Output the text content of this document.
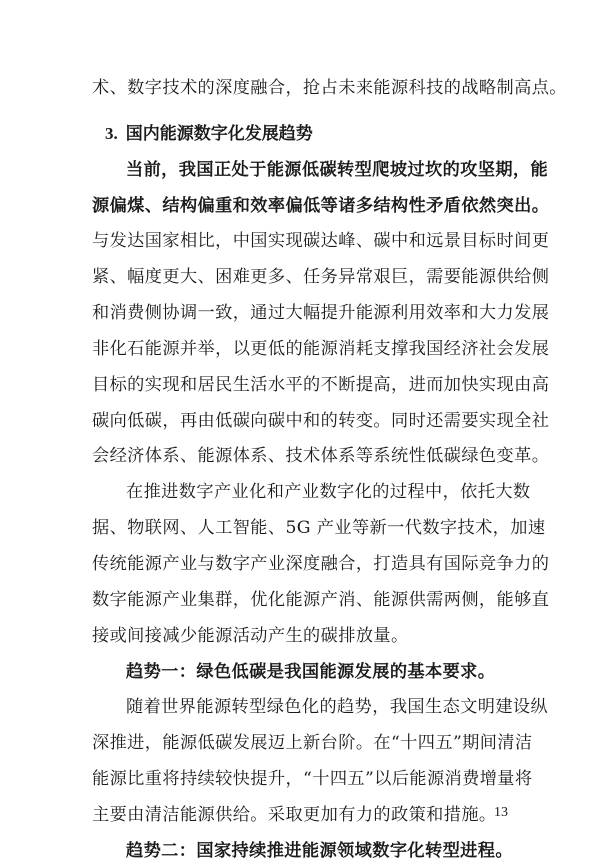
术、数字技术的深度融合，抢占未来能源科技的战略制高点。
3. 国内能源数字化发展趋势
当前，我国正处于能源低碳转型爬坡过坎的攻坚期，能
源偏煤、结构偏重和效率偏低等诸多结构性矛盾依然突出。
与发达国家相比，中国实现碳达峰、碳中和远景目标时间更
紧、幅度更大、困难更多、任务异常艰巨，需要能源供给侧
和消费侧协调一致，通过大幅提升能源利用效率和大力发展
非化石能源并举，以更低的能源消耗支撑我国经济社会发展
目标的实现和居民生活水平的不断提高，进而加快实现由高
碳向低碳，再由低碳向碳中和的转变。同时还需要实现全社
会经济体系、能源体系、技术体系等系统性低碳绿色变革。
在推进数字产业化和产业数字化的过程中，依托大数
据、物联网、人工智能、5G 产业等新一代数字技术，加速
传统能源产业与数字产业深度融合，打造具有国际竞争力的
数字能源产业集群，优化能源产消、能源供需两侧，能够直
接或间接减少能源活动产生的碳排放量。
趋势一：绿色低碳是我国能源发展的基本要求。
随着世界能源转型绿色化的趋势，我国生态文明建设纵
深推进，能源低碳发展迈上新台阶。在“十四五”期间清洁
能源比重将持续较快提升，“十四五”以后能源消费增量将
主要由清洁能源供给。采取更加有力的政策和措施。
趋势二：国家持续推进能源领域数字化转型进程。
13
